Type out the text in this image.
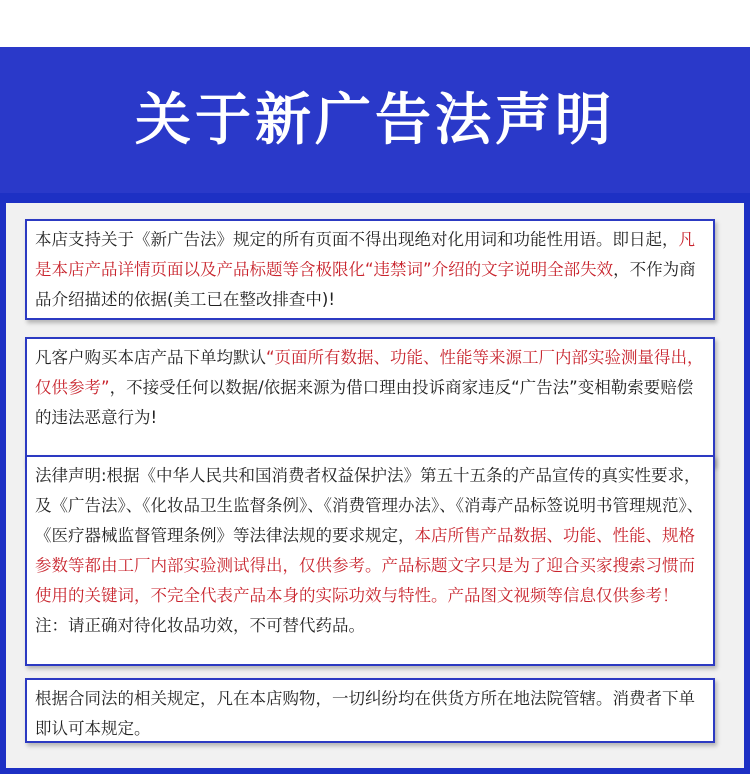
关于新广告法声明
本店支持关于《新广告法》规定的所有页面不得出现绝对化用词和功能性用语。即日起，凡是本店产品详情页面以及产品标题等含极限化“违禁词”介绍的文字说明全部失效，不作为商品介绍描述的依据(美工已在整改排查中)!
凡客户购买本店产品下单均默认“页面所有数据、功能、性能等来源工厂内部实验测量得出，仅供参考”，不接受任何以数据/依据来源为借口理由投诉商家违反“广告法”变相勒索要赔偿的违法恶意行为!
法律声明:根据《中华人民共和国消费者权益保护法》第五十五条的产品宣传的真实性要求，及《广告法》、《化妆品卫生监督条例》、《消费管理办法》、《消毒产品标签说明书管理规范》、《医疗器械监督管理条例》等法律法规的要求规定，本店所售产品数据、功能、性能、规格参数等都由工厂内部实验测试得出，仅供参考。产品标题文字只是为了迎合买家搜索习惯而使用的关键词，不完全代表产品本身的实际功效与特性。产品图文视频等信息仅供参考！注：请正确对待化妆品功效，不可替代药品。
根据合同法的相关规定，凡在本店购物，一切纠纷均在供货方所在地法院管辖。消费者下单即认可本规定。
